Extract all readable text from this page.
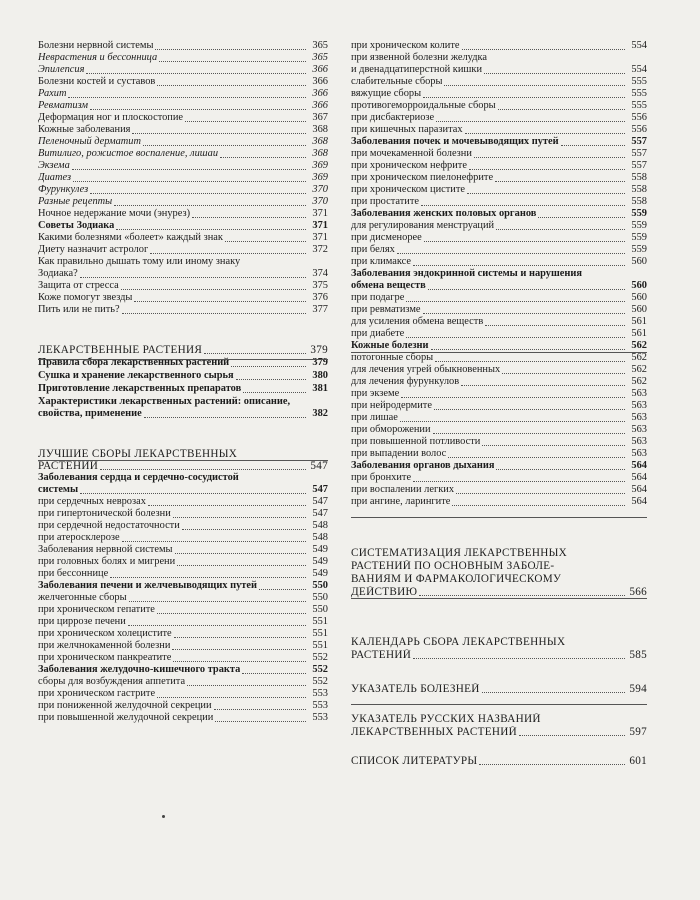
Болезни нервной системы	365
Неврастения и бессонница	365
Эпилепсия	366
Болезни костей и суставов	366
Рахит	366
Ревматизм	366
Деформация ног и плоскостопие	367
Кожные заболевания	368
Пеленочный дерматит	368
Витилиго, рожистое воспаление, лишаи	368
Экзема	369
Диатез	369
Фурункулез	370
Разные рецепты	370
Ночное недержание мочи (энурез)	371
Советы Зодиака	371
Какими болезнями «болеет» каждый знак	371
Диету назначит астролог	372
Как правильно дышать тому или иному знаку
Зодиака?	374
Защита от стресса	375
Коже помогут звезды	376
Пить или не пить?	377
ЛЕКАРСТВЕННЫЕ РАСТЕНИЯ	379
Правила сбора лекарственных растений	379
Сушка и хранение лекарственного сырья	380
Приготовление лекарственных препаратов	381
Характеристики лекарственных растений: описание,
свойства, применение	382
ЛУЧШИЕ СБОРЫ ЛЕКАРСТВЕННЫХ
РАСТЕНИЙ	547
Заболевания сердца и сердечно-сосудистой
системы	547
при сердечных неврозах	547
при гипертонической болезни	547
при сердечной недостаточности	548
при атеросклерозе	548
Заболевания нервной системы	549
при головных болях и мигрени	549
при бессоннице	549
Заболевания печени и желчевыводящих путей	550
желчегонные сборы	550
при хроническом гепатите	550
при циррозе печени	551
при хроническом холецистите	551
при желчнокаменной болезни	551
при хроническом панкреатите	552
Заболевания желудочно-кишечного тракта	552
сборы для возбуждения аппетита	552
при хроническом гастрите	553
при пониженной желудочной секреции	553
при повышенной желудочной секреции	553
при хроническом колите	554
при язвенной болезни желудка
и двенадцатиперстной кишки	554
слабительные сборы	555
вяжущие сборы	555
противогеморроидальные сборы	555
при дисбактериозе	556
при кишечных паразитах	556
Заболевания почек и мочевыводящих путей	557
при мочекаменной болезни	557
при хроническом нефрите	557
при хроническом пиелонефрите	558
при хроническом цистите	558
при простатите	558
Заболевания женских половых органов	559
для регулирования менструаций	559
при дисменорее	559
при белях	559
при климаксе	560
Заболевания эндокринной системы и нарушения
обмена веществ	560
при подагре	560
при ревматизме	560
для усиления обмена веществ	561
при диабете	561
Кожные болезни	562
потогонные сборы	562
для лечения угрей обыкновенных	562
для лечения фурункулов	562
при экземе	563
при нейродермите	563
при лишае	563
при обморожении	563
при повышенной потливости	563
при выпадении волос	563
Заболевания органов дыхания	564
при бронхите	564
при воспалении легких	564
при ангине, ларингите	564
СИСТЕМАТИЗАЦИЯ ЛЕКАРСТВЕННЫХ
РАСТЕНИЙ ПО ОСНОВНЫМ ЗАБОЛЕ-
ВАНИЯМ И ФАРМАКОЛОГИЧЕСКОМУ
ДЕЙСТВИЮ	566
КАЛЕНДАРЬ СБОРА ЛЕКАРСТВЕННЫХ
РАСТЕНИЙ	585
УКАЗАТЕЛЬ БОЛЕЗНЕЙ	594
УКАЗАТЕЛЬ РУССКИХ НАЗВАНИЙ
ЛЕКАРСТВЕННЫХ РАСТЕНИЙ	597
СПИСОК ЛИТЕРАТУРЫ	601
